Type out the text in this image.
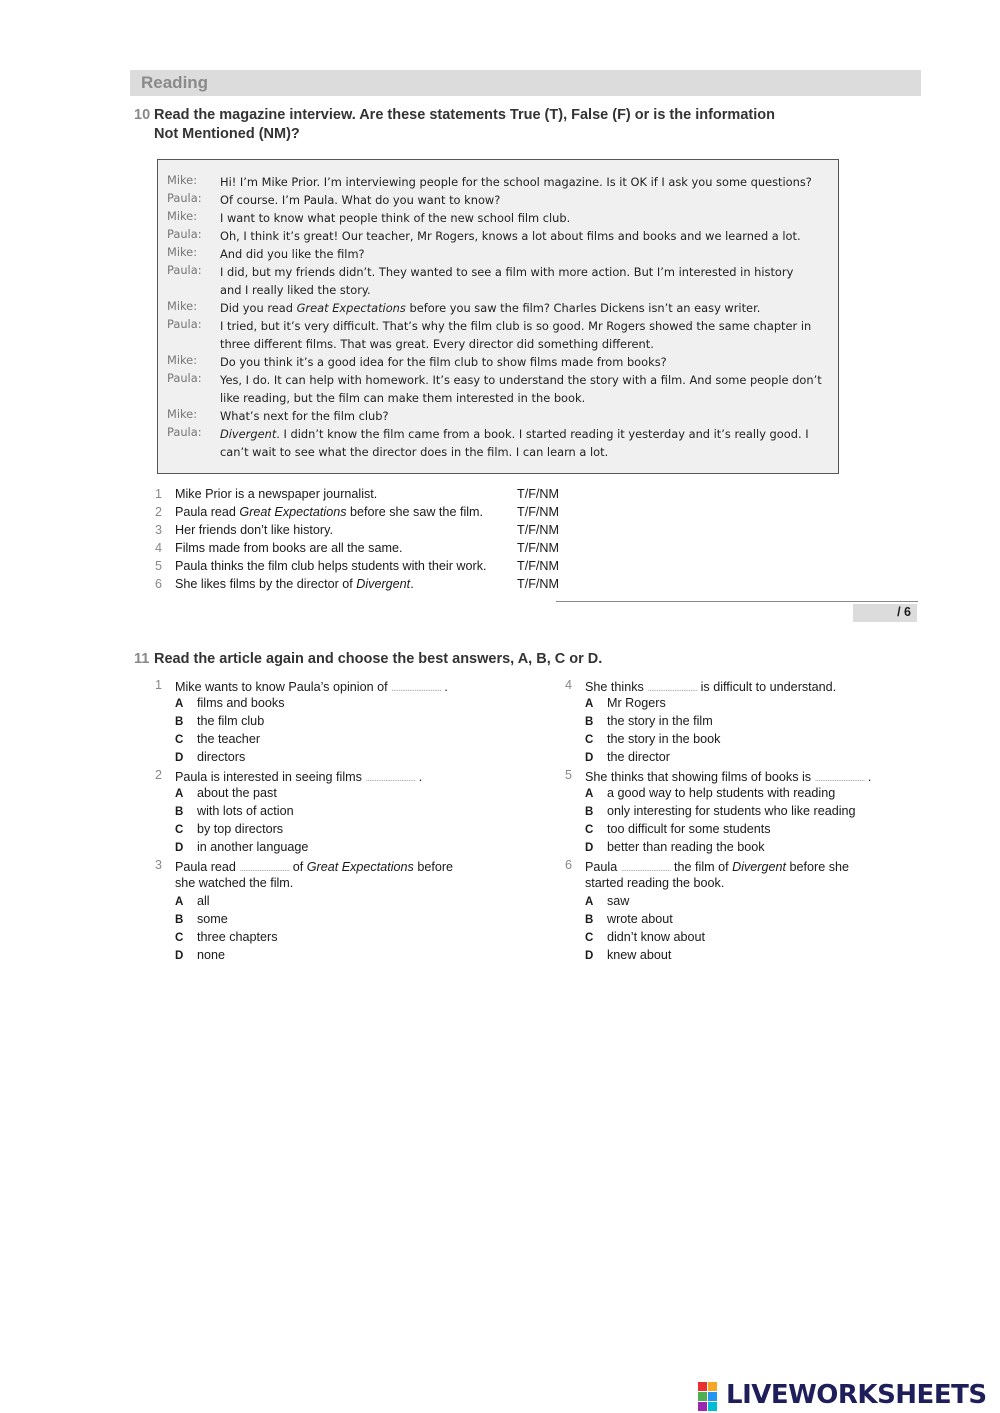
Reading
10 Read the magazine interview. Are these statements True (T), False (F) or is the information
Not Mentioned (NM)?
Mike: Hi! I’m Mike Prior. I’m interviewing people for the school magazine. Is it OK if I ask you some questions?
Paula: Of course. I’m Paula. What do you want to know?
Mike: I want to know what people think of the new school film club.
Paula: Oh, I think it’s great! Our teacher, Mr Rogers, knows a lot about films and books and we learned a lot.
Mike: And did you like the film?
Paula: I did, but my friends didn’t. They wanted to see a film with more action. But I’m interested in history and I really liked the story.
Mike: Did you read Great Expectations before you saw the film? Charles Dickens isn’t an easy writer.
Paula: I tried, but it’s very difficult. That’s why the film club is so good. Mr Rogers showed the same chapter in three different films. That was great. Every director did something different.
Mike: Do you think it’s a good idea for the film club to show films made from books?
Paula: Yes, I do. It can help with homework. It’s easy to understand the story with a film. And some people don’t like reading, but the film can make them interested in the book.
Mike: What’s next for the film club?
Paula: Divergent. I didn’t know the film came from a book. I started reading it yesterday and it’s really good. I can’t wait to see what the director does in the film. I can learn a lot.
1 Mike Prior is a newspaper journalist.	T/F/NM
2 Paula read Great Expectations before she saw the film.	T/F/NM
3 Her friends don’t like history.	T/F/NM
4 Films made from books are all the same.	T/F/NM
5 Paula thinks the film club helps students with their work. T/F/NM
6 She likes films by the director of Divergent.	T/F/NM
/ 6
11 Read the article again and choose the best answers, A, B, C or D.
1 Mike wants to know Paula’s opinion of ............................ .
A films and books
B the film club
C the teacher
D directors
2 Paula is interested in seeing films ............................ .
A about the past
B with lots of action
C by top directors
D in another language
3 Paula read ............................ of Great Expectations before
she watched the film.
A all
B some
C three chapters
D none
4 She thinks ............................ is difficult to understand.
A Mr Rogers
B the story in the film
C the story in the book
D the director
5 She thinks that showing films of books is ............................ .
A a good way to help students with reading
B only interesting for students who like reading
C too difficult for some students
D better than reading the book
6 Paula ............................ the film of Divergent before she
started reading the book.
A saw
B wrote about
C didn’t know about
D knew about
LIVEWORKSHEETS
